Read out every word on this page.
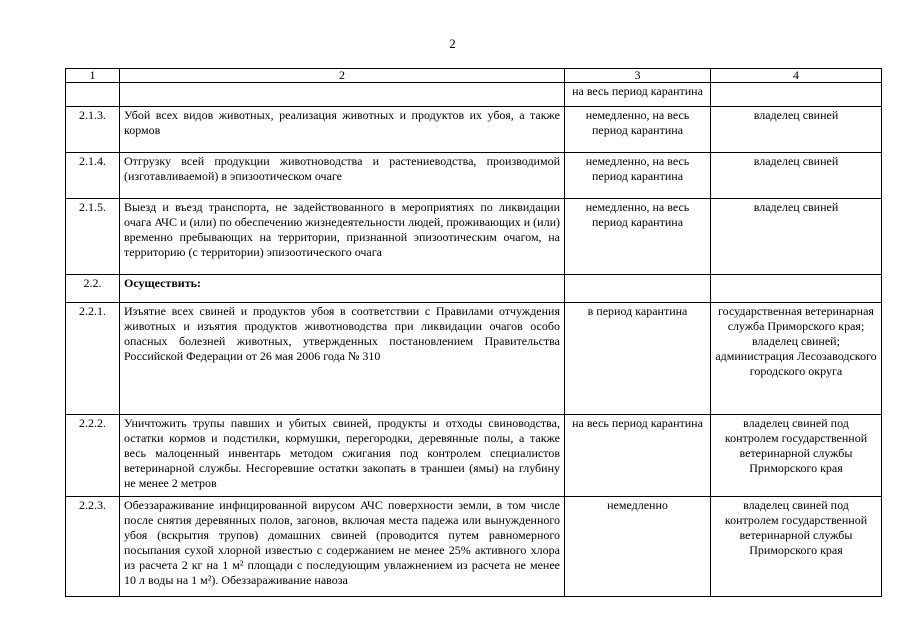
2
1	2	3	4
		на весь период карантина	
2.1.3.	Убой всех видов животных, реализация животных и продуктов их убоя, а также кормов	немедленно, на весь период карантина	владелец свиней
2.1.4.	Отгрузку всей продукции животноводства и растениеводства, производимой (изготавливаемой) в эпизоотическом очаге	немедленно, на весь период карантина	владелец свиней
2.1.5.	Выезд и въезд транспорта, не задействованного в мероприятиях по ликвидации очага АЧС и (или) по обеспечению жизнедеятельности людей, проживающих и (или) временно пребывающих на территории, признанной эпизоотическим очагом, на территорию (с территории) эпизоотического очага	немедленно, на весь период карантина	владелец свиней
2.2.	Осуществить:		
2.2.1.	Изъятие всех свиней и продуктов убоя в соответствии с Правилами отчуждения животных и изъятия продуктов животноводства при ликвидации очагов особо опасных болезней животных, утвержденных постановлением Правительства Российской Федерации от 26 мая 2006 года № 310	в период карантина	государственная ветеринарная служба Приморского края; владелец свиней; администрация Лесозаводского городского округа
2.2.2.	Уничтожить трупы павших и убитых свиней, продукты и отходы свиноводства, остатки кормов и подстилки, кормушки, перегородки, деревянные полы, а также весь малоценный инвентарь методом сжигания под контролем специалистов ветеринарной службы. Несгоревшие остатки закопать в траншеи (ямы) на глубину не менее 2 метров	на весь период карантина	владелец свиней под контролем государственной ветеринарной службы Приморского края
2.2.3.	Обеззараживание инфицированной вирусом АЧС поверхности земли, в том числе после снятия деревянных полов, загонов, включая места падежа или вынужденного убоя (вскрытия трупов) домашних свиней (проводится путем равномерного посыпания сухой хлорной известью с содержанием не менее 25% активного хлора из расчета 2 кг на 1 м² площади с последующим увлажнением из расчета не менее 10 л воды на 1 м²). Обеззараживание навоза	немедленно	владелец свиней под контролем государственной ветеринарной службы Приморского края
